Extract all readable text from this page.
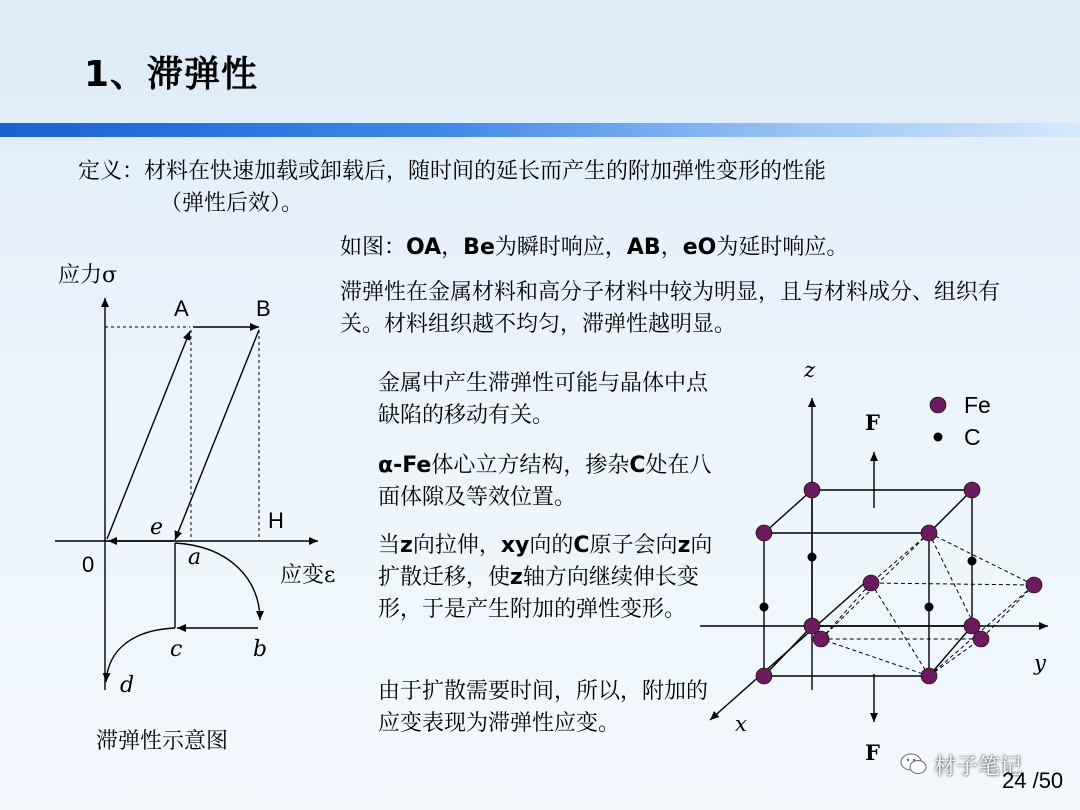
1、滞弹性
定义：材料在快速加载或卸载后，随时间的延长而产生的附加弹性变形的性能
（弹性后效）。
如图：OA，Be为瞬时响应，AB，eO为延时响应。
滞弹性在金属材料和高分子材料中较为明显，且与材料成分、组织有关。材料组织越不均匀，滞弹性越明显。
金属中产生滞弹性可能与晶体中点缺陷的移动有关。
α-Fe体心立方结构，掺杂C处在八面体隙及等效位置。
当z向拉伸，xy向的C原子会向z向扩散迁移，使z轴方向继续伸长变形，于是产生附加的弹性变形。
由于扩散需要时间，所以，附加的应变表现为滞弹性应变。
应力σ
应变ε
0
A	B
H
e
a
b
c
d
Fe
C
z
y
x
F
F
滞弹性示意图
材子笔记
24 /50
